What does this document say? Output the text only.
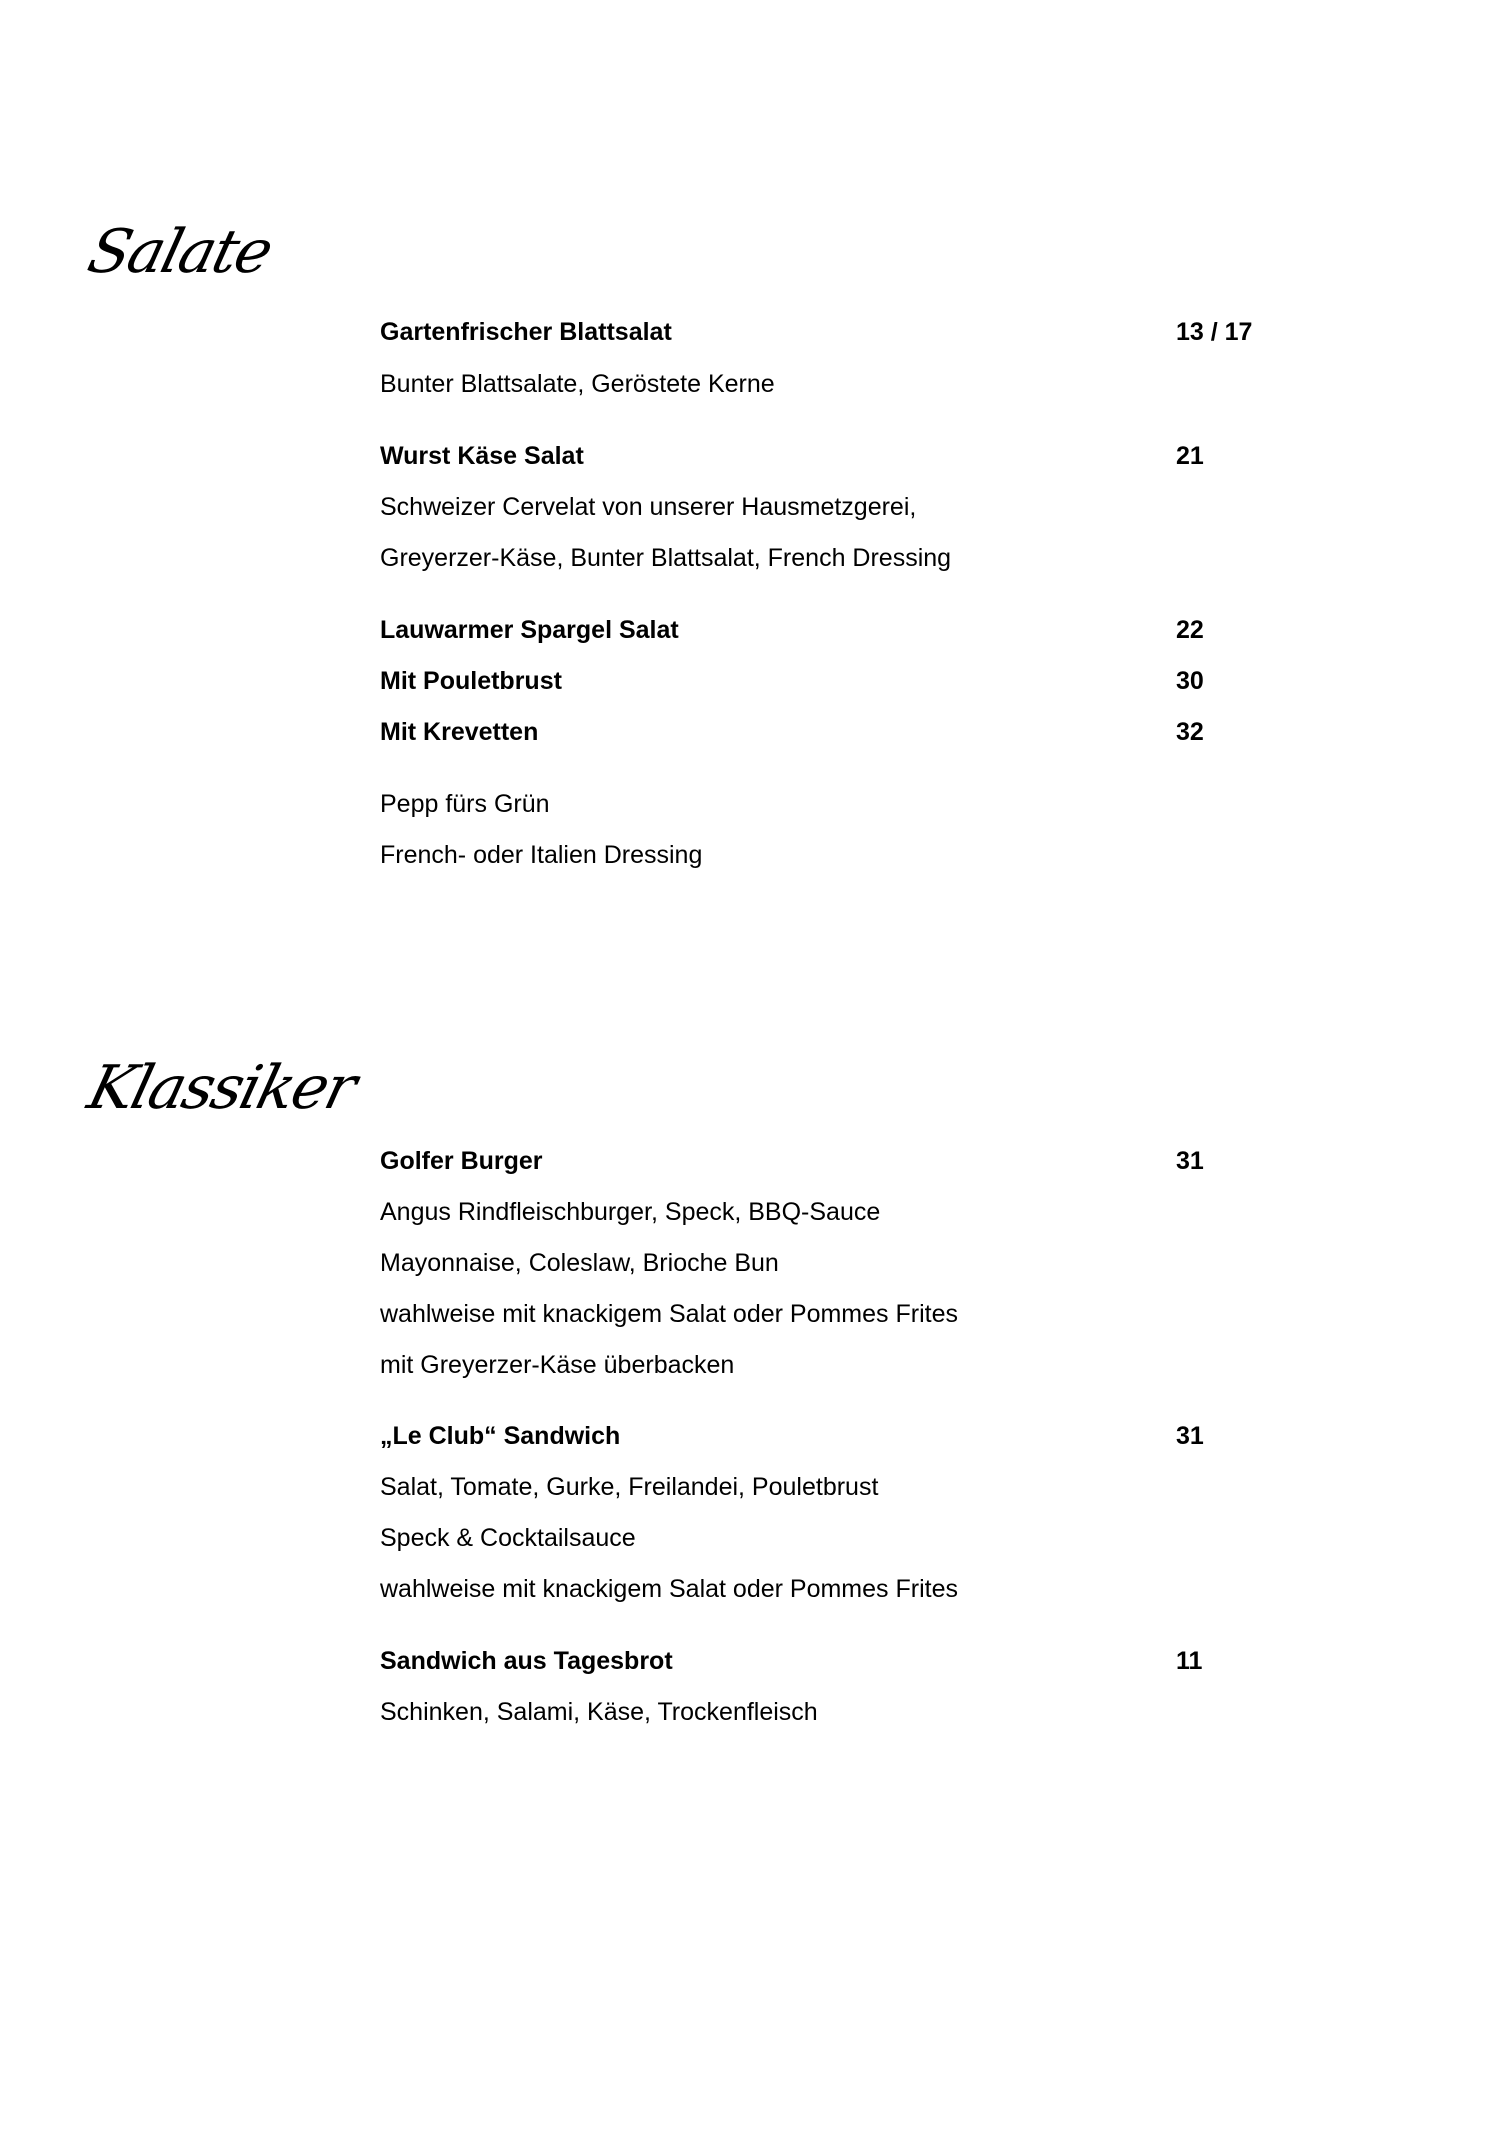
Salate
Gartenfrischer Blattsalat	13 / 17
Bunter Blattsalate, Geröstete Kerne
Wurst Käse Salat	21
Schweizer Cervelat von unserer Hausmetzgerei,
Greyerzer-Käse, Bunter Blattsalat, French Dressing
Lauwarmer Spargel Salat	22
Mit Pouletbrust	30
Mit Krevetten	32
Pepp fürs Grün
French- oder Italien Dressing
Klassiker
Golfer Burger	31
Angus Rindfleischburger, Speck, BBQ-Sauce
Mayonnaise, Coleslaw, Brioche Bun
wahlweise mit knackigem Salat oder Pommes Frites
mit Greyerzer-Käse überbacken
„Le Club“ Sandwich	31
Salat, Tomate, Gurke, Freilandei, Pouletbrust
Speck & Cocktailsauce
wahlweise mit knackigem Salat oder Pommes Frites
Sandwich aus Tagesbrot	11
Schinken, Salami, Käse, Trockenfleisch
